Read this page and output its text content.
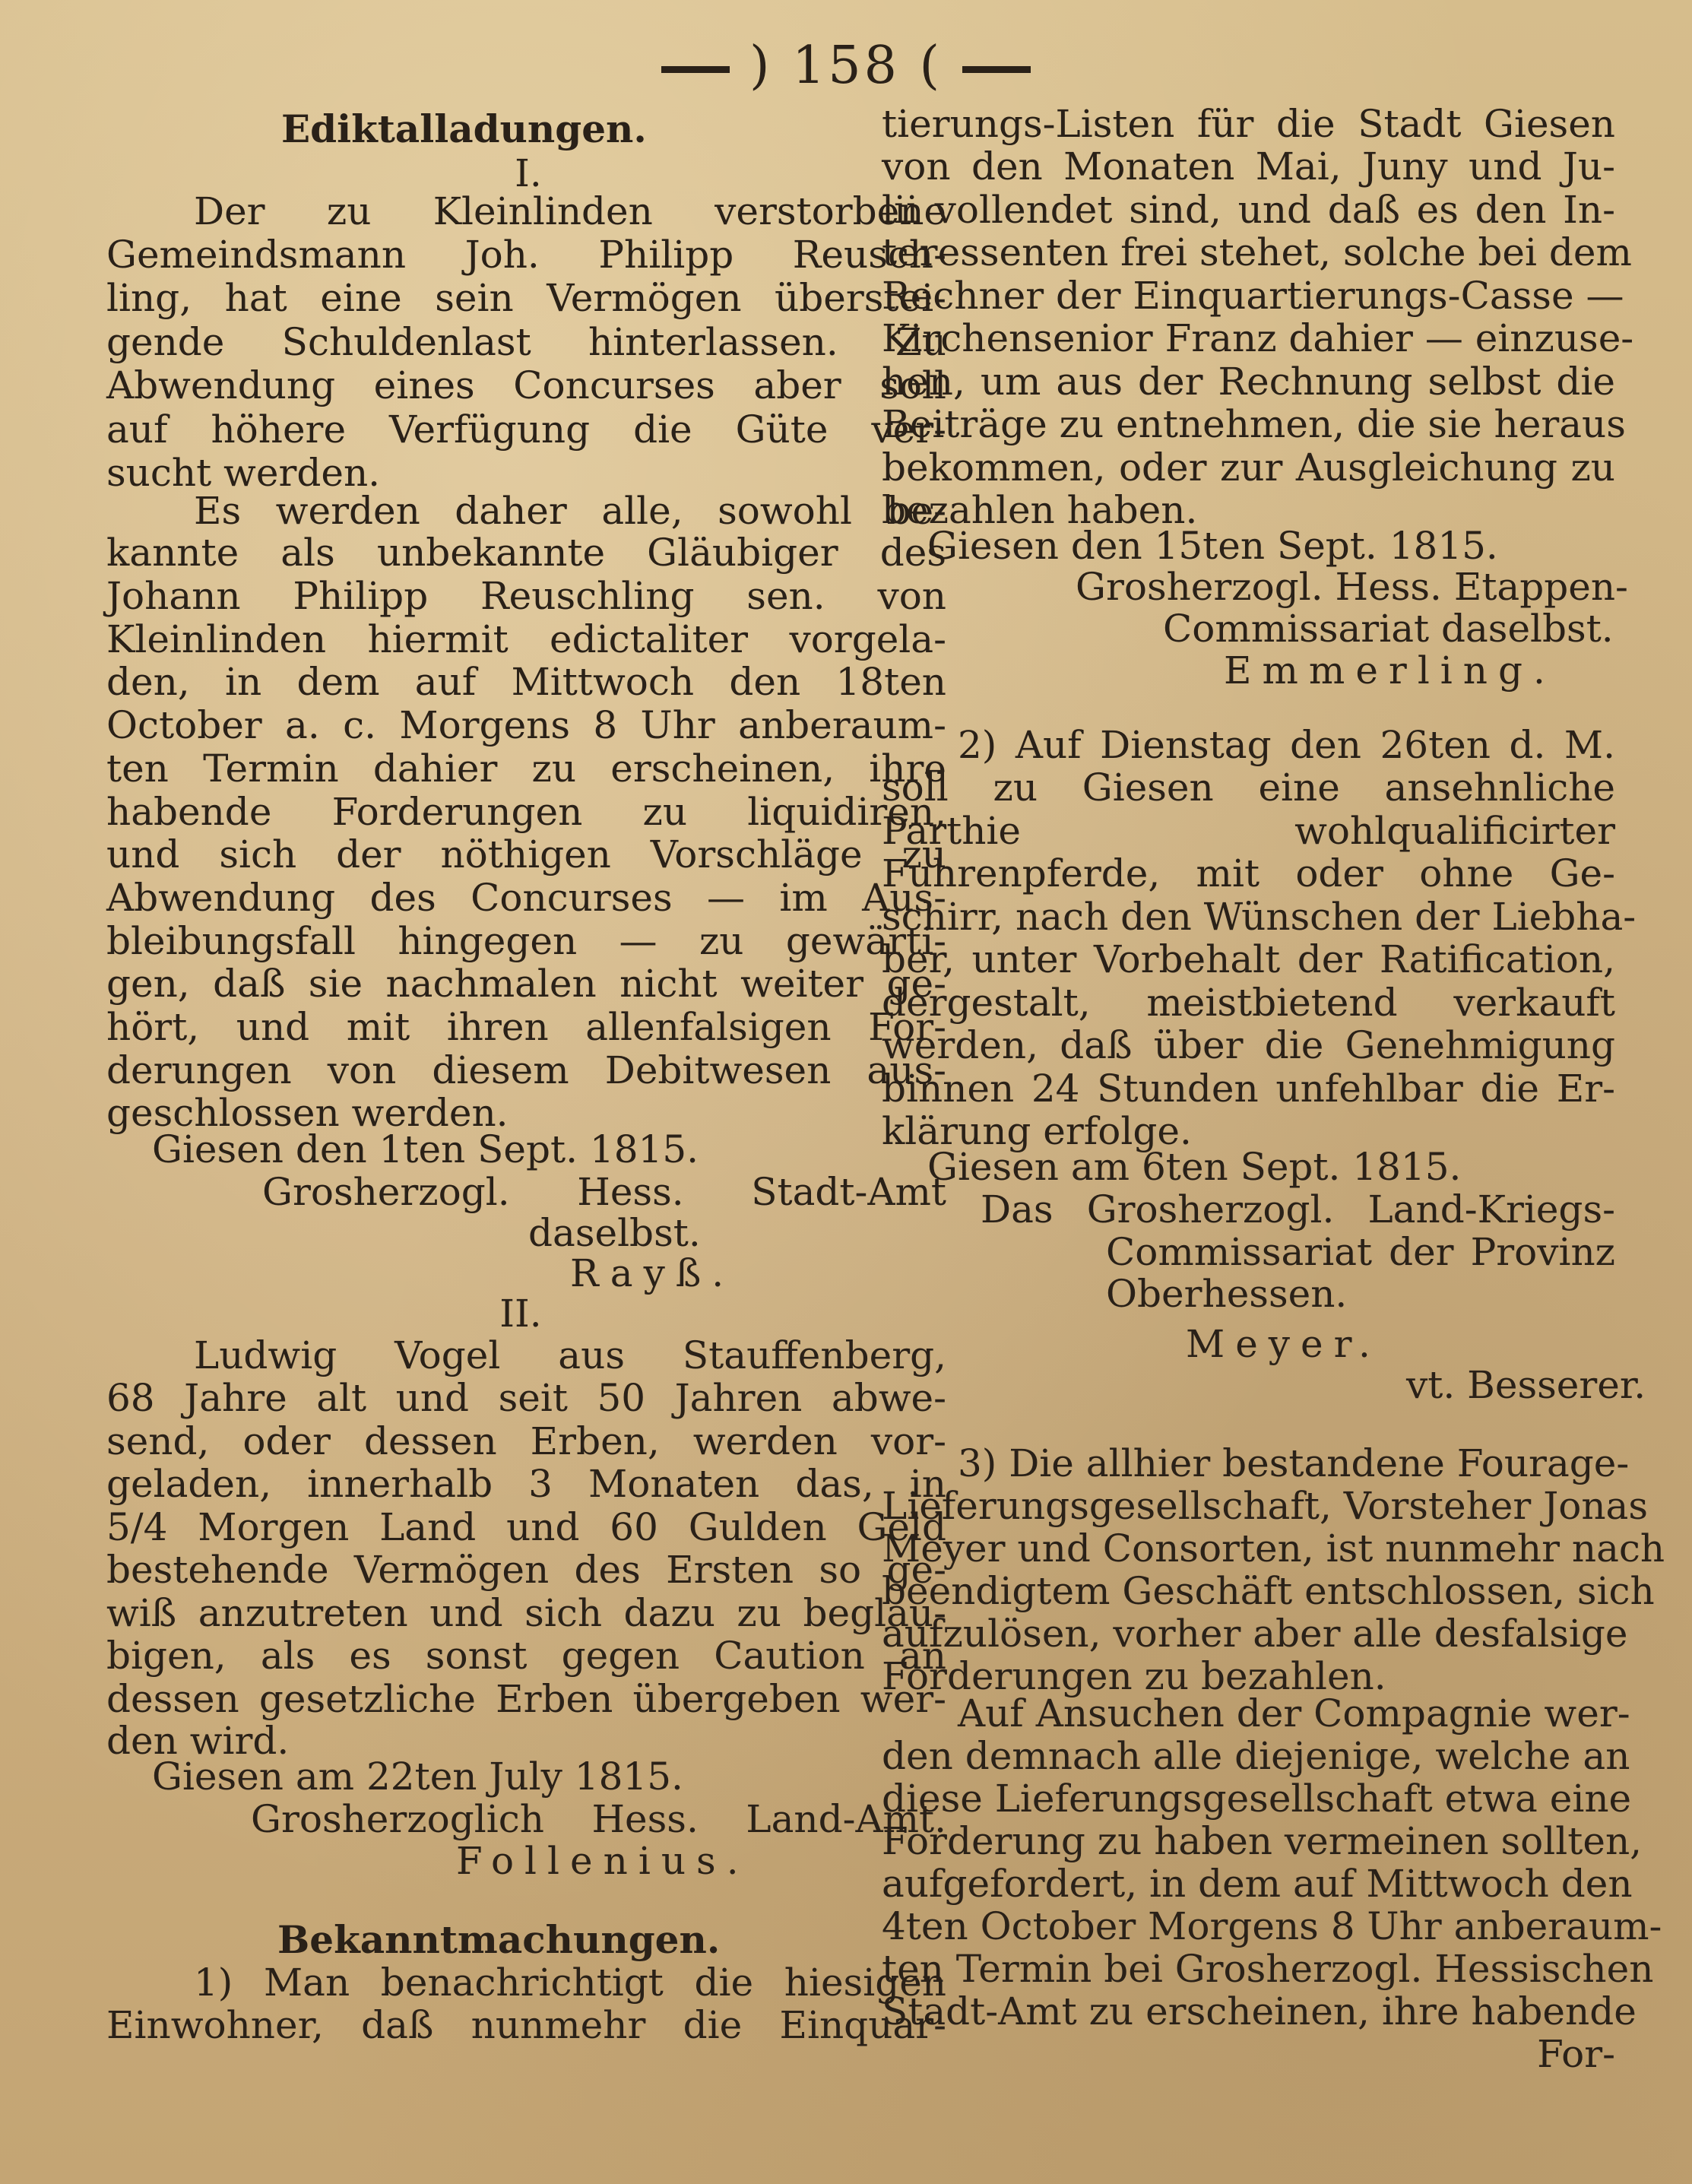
) 158 (
Ediktalladungen.
I.
Der zu Kleinlinden verstorbene
Gemeindsmann Joh. Philipp Reusch-
ling, hat eine sein Vermögen überstei-
gende Schuldenlast hinterlassen. Zu
Abwendung eines Concurses aber soll
auf höhere Verfügung die Güte ver-
sucht werden.
Es werden daher alle, sowohl be-
kannte als unbekannte Gläubiger des
Johann Philipp Reuschling sen. von
Kleinlinden hiermit edictaliter vorgela-
den, in dem auf Mittwoch den 18ten
October a. c. Morgens 8 Uhr anberaum-
ten Termin dahier zu erscheinen, ihre
habende Forderungen zu liquidiren,
und sich der nöthigen Vorschläge zu
Abwendung des Concurses — im Aus-
bleibungsfall hingegen — zu gewärti-
gen, daß sie nachmalen nicht weiter ge-
hört, und mit ihren allenfalsigen For-
derungen von diesem Debitwesen aus-
geschlossen werden.
Giesen den 1ten Sept. 1815.
Grosherzogl. Hess. Stadt-Amt
daselbst.
Rayß.
II.
Ludwig Vogel aus Stauffenberg,
68 Jahre alt und seit 50 Jahren abwe-
send, oder dessen Erben, werden vor-
geladen, innerhalb 3 Monaten das, in
5/4 Morgen Land und 60 Gulden Geld
bestehende Vermögen des Ersten so ge-
wiß anzutreten und sich dazu zu beglau-
bigen, als es sonst gegen Caution an
dessen gesetzliche Erben übergeben wer-
den wird.
Giesen am 22ten July 1815.
Grosherzoglich Hess. Land-Amt.
Follenius.
Bekanntmachungen.
1) Man benachrichtigt die hiesigen
Einwohner, daß nunmehr die Einquar-
tierungs-Listen für die Stadt Giesen
von den Monaten Mai, Juny und Ju-
lii vollendet sind, und daß es den In-
teressenten frei stehet, solche bei dem
Rechner der Einquartierungs-Casse —
Kirchensenior Franz dahier — einzuse-
hen, um aus der Rechnung selbst die
Beiträge zu entnehmen, die sie heraus
bekommen, oder zur Ausgleichung zu
bezahlen haben.
Giesen den 15ten Sept. 1815.
Grosherzogl. Hess. Etappen-
Commissariat daselbst.
Emmerling.
2) Auf Dienstag den 26ten d. M.
soll zu Giesen eine ansehnliche
Parthie wohlqualificirter
Fuhrenpferde, mit oder ohne Ge-
schirr, nach den Wünschen der Liebha-
ber, unter Vorbehalt der Ratification,
dergestalt, meistbietend verkauft
werden, daß über die Genehmigung
binnen 24 Stunden unfehlbar die Er-
klärung erfolge.
Giesen am 6ten Sept. 1815.
Das Grosherzogl. Land-Kriegs-
Commissariat der Provinz
Oberhessen.
Meyer.
vt. Besserer.
3) Die allhier bestandene Fourage-
Lieferungsgesellschaft, Vorsteher Jonas
Meyer und Consorten, ist nunmehr nach
beendigtem Geschäft entschlossen, sich
aufzulösen, vorher aber alle desfalsige
Forderungen zu bezahlen.
Auf Ansuchen der Compagnie wer-
den demnach alle diejenige, welche an
diese Lieferungsgesellschaft etwa eine
Forderung zu haben vermeinen sollten,
aufgefordert, in dem auf Mittwoch den
4ten October Morgens 8 Uhr anberaum-
ten Termin bei Grosherzogl. Hessischen
Stadt-Amt zu erscheinen, ihre habende
For-
